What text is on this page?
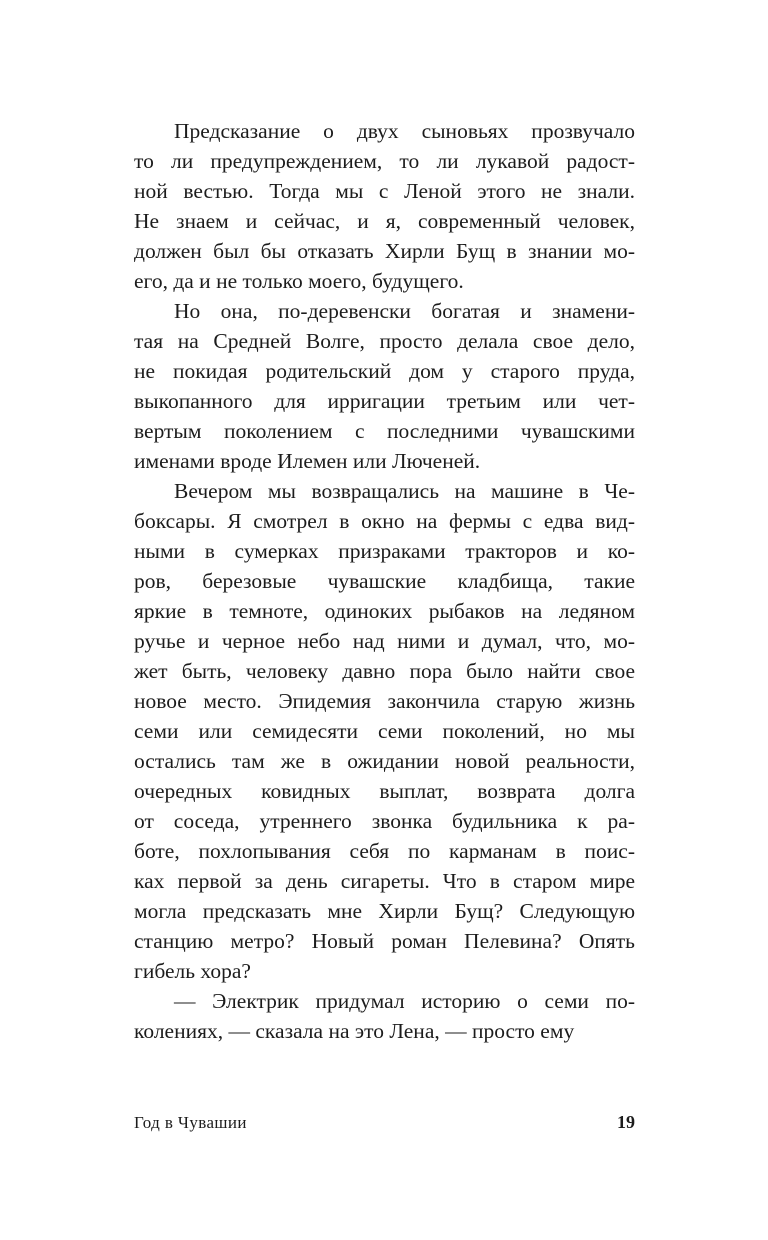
Предсказание о двух сыновьях прозвучало
то ли предупреждением, то ли лукавой радост-
ной вестью. Тогда мы с Леной этого не знали.
Не знаем и сейчас, и я, современный человек,
должен был бы отказать Хирли Бущ в знании мо-
его, да и не только моего, будущего.
Но она, по-деревенски богатая и знамени-
тая на Средней Волге, просто делала свое дело,
не покидая родительский дом у старого пруда,
выкопанного для ирригации третьим или чет-
вертым поколением с последними чувашскими
именами вроде Илемен или Люченей.
Вечером мы возвращались на машине в Че-
боксары. Я смотрел в окно на фермы с едва вид-
ными в сумерках призраками тракторов и ко-
ров, березовые чувашские кладбища, такие
яркие в темноте, одиноких рыбаков на ледяном
ручье и черное небо над ними и думал, что, мо-
жет быть, человеку давно пора было найти свое
новое место. Эпидемия закончила старую жизнь
семи или семидесяти семи поколений, но мы
остались там же в ожидании новой реальности,
очередных ковидных выплат, возврата долга
от соседа, утреннего звонка будильника к ра-
боте, похлопывания себя по карманам в поис-
ках первой за день сигареты. Что в старом мире
могла предсказать мне Хирли Бущ? Следующую
станцию метро? Новый роман Пелевина? Опять
гибель хора?
— Электрик придумал историю о семи по-
колениях, — сказала на это Лена, — просто ему
Год в Чувашии	19
